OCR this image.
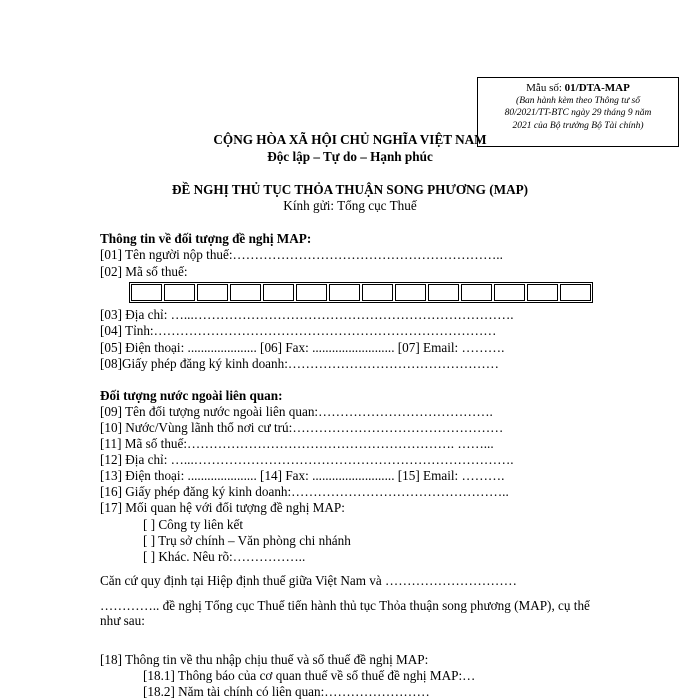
Mẫu số: 01/DTA-MAP
(Ban hành kèm theo Thông tư số
80/2021/TT-BTC ngày 29 tháng 9 năm
2021 của Bộ trưởng Bộ Tài chính)
CỘNG HÒA XÃ HỘI CHỦ NGHĨA VIỆT NAM
Độc lập – Tự do – Hạnh phúc
ĐỀ NGHỊ THỦ TỤC THỎA THUẬN SONG PHƯƠNG (MAP)
Kính gửi: Tổng cục Thuế
Thông tin về đối tượng đề nghị MAP:
[01] Tên người nộp thuế:……………………………………………………..
[02] Mã số thuế:
[03] Địa chỉ: …...……………………………………………………………….
[04] Tỉnh:……………………………………………………………………
[05] Điện thoại: ..................... [06] Fax: ......................... [07] Email: ……….
[08]Giấy phép đăng ký kinh doanh:…………………………………………
Đối tượng nước ngoài liên quan:
[09] Tên đối tượng nước ngoài liên quan:………………………………….
[10] Nước/Vùng lãnh thổ nơi cư trú:…………………………………………
[11] Mã số thuế:……………………………………………………. ……...
[12] Địa chỉ: …...……………………………………………………………….
[13] Điện thoại: ..................... [14] Fax: ......................... [15] Email: ……….
[16] Giấy phép đăng ký kinh doanh:…………………………………………..
[17] Mối quan hệ với đối tượng đề nghị MAP:
[ ] Công ty liên kết
[ ] Trụ sở chính – Văn phòng chi nhánh
[ ] Khác. Nêu rõ:……………..
Căn cứ quy định tại Hiệp định thuế giữa Việt Nam và …………………………
………….. đề nghị Tổng cục Thuế tiến hành thủ tục Thỏa thuận song phương (MAP), cụ thể
như sau:
[18] Thông tin về thu nhập chịu thuế và số thuế đề nghị MAP:
[18.1] Thông báo của cơ quan thuế về số thuế đề nghị MAP:…
[18.2] Năm tài chính có liên quan:……………………
